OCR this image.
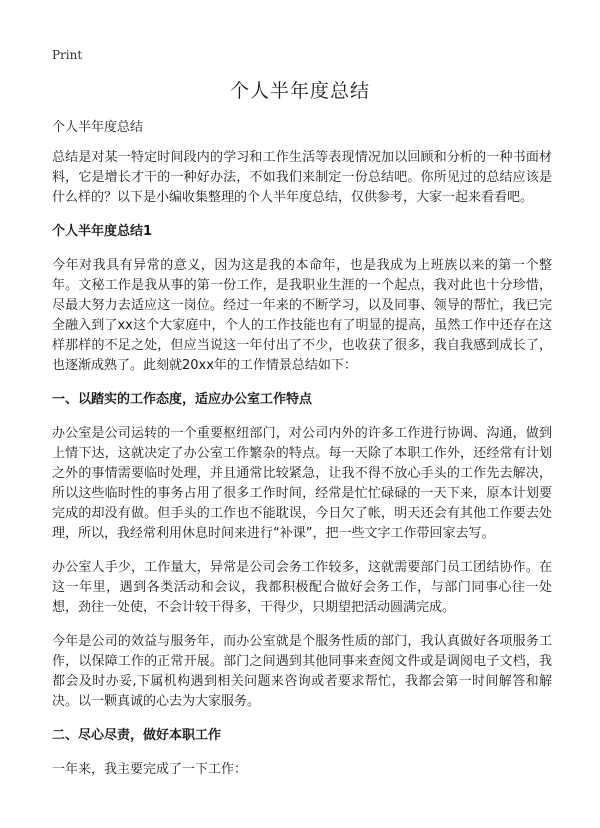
Print
个人半年度总结

个人半年度总结

总结是对某一特定时间段内的学习和工作生活等表现情况加以回顾和分析的一种书面材料，它是增长才干的一种好办法，不如我们来制定一份总结吧。你所见过的总结应该是什么样的？以下是小编收集整理的个人半年度总结，仅供参考，大家一起来看看吧。

个人半年度总结1

今年对我具有异常的意义，因为这是我的本命年，也是我成为上班族以来的第一个整年。文秘工作是我从事的第一份工作，是我职业生涯的一个起点，我对此也十分珍惜，尽最大努力去适应这一岗位。经过一年来的不断学习，以及同事、领导的帮忙，我已完全融入到了xx这个大家庭中，个人的工作技能也有了明显的提高，虽然工作中还存在这样那样的不足之处，但应当说这一年付出了不少，也收获了很多，我自我感到成长了，也逐渐成熟了。此刻就20xx年的工作情景总结如下：

一、以踏实的工作态度，适应办公室工作特点

办公室是公司运转的一个重要枢纽部门，对公司内外的许多工作进行协调、沟通，做到上情下达，这就决定了办公室工作繁杂的特点。每一天除了本职工作外，还经常有计划之外的事情需要临时处理，并且通常比较紧急，让我不得不放心手头的工作先去解决，所以这些临时性的事务占用了很多工作时间，经常是忙忙碌碌的一天下来，原本计划要完成的却没有做。但手头的工作也不能耽误，今日欠了帐，明天还会有其他工作要去处理，所以，我经常利用休息时间来进行“补课”，把一些文字工作带回家去写。

办公室人手少，工作量大，异常是公司会务工作较多，这就需要部门员工团结协作。在这一年里，遇到各类活动和会议，我都积极配合做好会务工作，与部门同事心往一处想，劲往一处使，不会计较干得多，干得少，只期望把活动圆满完成。

今年是公司的效益与服务年，而办公室就是个服务性质的部门，我认真做好各项服务工作，以保障工作的正常开展。部门之间遇到其他同事来查阅文件或是调阅电子文档，我都会及时办妥,下属机构遇到相关问题来咨询或者要求帮忙，我都会第一时间解答和解决。以一颗真诚的心去为大家服务。

二、尽心尽责，做好本职工作

一年来，我主要完成了一下工作：
